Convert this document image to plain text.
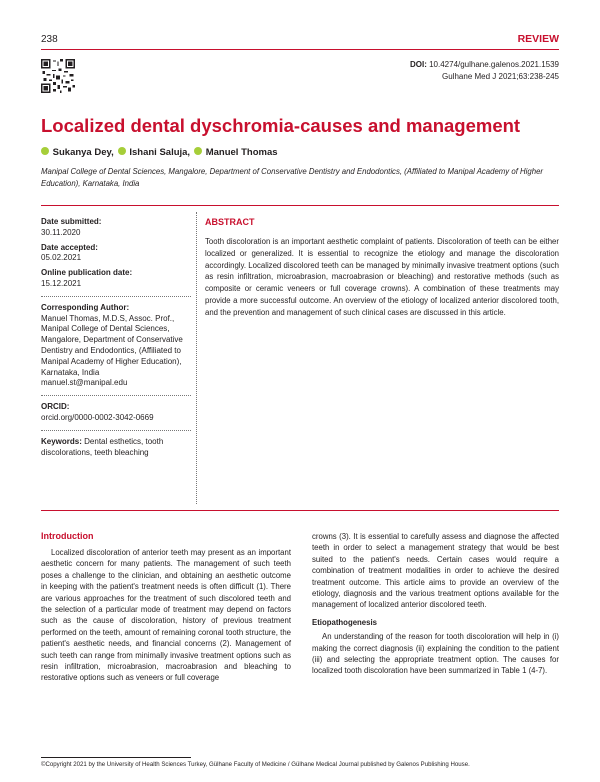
238	REVIEW
DOI: 10.4274/gulhane.galenos.2021.1539
Gulhane Med J 2021;63:238-245
Localized dental dyschromia-causes and management
Sukanya Dey,	Ishani Saluja,	Manuel Thomas
Manipal College of Dental Sciences, Mangalore, Department of Conservative Dentistry and Endodontics, (Affiliated to Manipal Academy of Higher Education), Karnataka, India
Date submitted:
30.11.2020
Date accepted:
05.02.2021
Online publication date:
15.12.2021
Corresponding Author:
Manuel Thomas, M.D.S, Assoc. Prof., Manipal College of Dental Sciences, Mangalore, Department of Conservative Dentistry and Endodontics, (Affiliated to Manipal Academy of Higher Education), Karnataka, India
manuel.st@manipal.edu
ORCID:
orcid.org/0000-0002-3042-0669
Keywords: Dental esthetics, tooth discolorations, teeth bleaching
ABSTRACT
Tooth discoloration is an important aesthetic complaint of patients. Discoloration of teeth can be either localized or generalized. It is essential to recognize the etiology and manage the discoloration accordingly. Localized discolored teeth can be managed by minimally invasive treatment options (such as resin infiltration, microabrasion, macroabrasion or bleaching) and restorative methods (such as composite or ceramic veneers or full coverage crowns). A combination of these treatments may provide a more successful outcome. An overview of the etiology of localized anterior discolored tooth, and the prevention and management of such clinical cases are discussed in this article.
Introduction

Localized discoloration of anterior teeth may present as an important aesthetic concern for many patients. The management of such teeth poses a challenge to the clinician, and obtaining an aesthetic outcome in keeping with the patient's treatment needs is often difficult (1). There are various approaches for the treatment of such discolored teeth and the selection of a particular mode of treatment may depend on factors such as the cause of discoloration, history of previous treatment performed on the teeth, amount of remaining coronal tooth structure, the patient's aesthetic needs, and financial concerns (2). Management of such teeth can range from minimally invasive treatment options such as resin infiltration, microabrasion, macroabrasion and bleaching to restorative options such as veneers or full coverage

crowns (3). It is essential to carefully assess and diagnose the affected teeth in order to select a management strategy that would be best suited to the patient's needs. Certain cases would require a combination of treatment modalities in order to achieve the desired treatment outcome. This article aims to provide an overview of the etiology, diagnosis and the various treatment options available for the management of localized anterior discolored teeth.

Etiopathogenesis

An understanding of the reason for tooth discoloration will help in (i) making the correct diagnosis (ii) explaining the condition to the patient (iii) and selecting the appropriate treatment option. The causes for localized tooth discoloration have been summarized in Table 1 (4-7).

©Copyright 2021 by the University of Health Sciences Turkey, Gülhane Faculty of Medicine / Gülhane Medical Journal published by Galenos Publishing House.
